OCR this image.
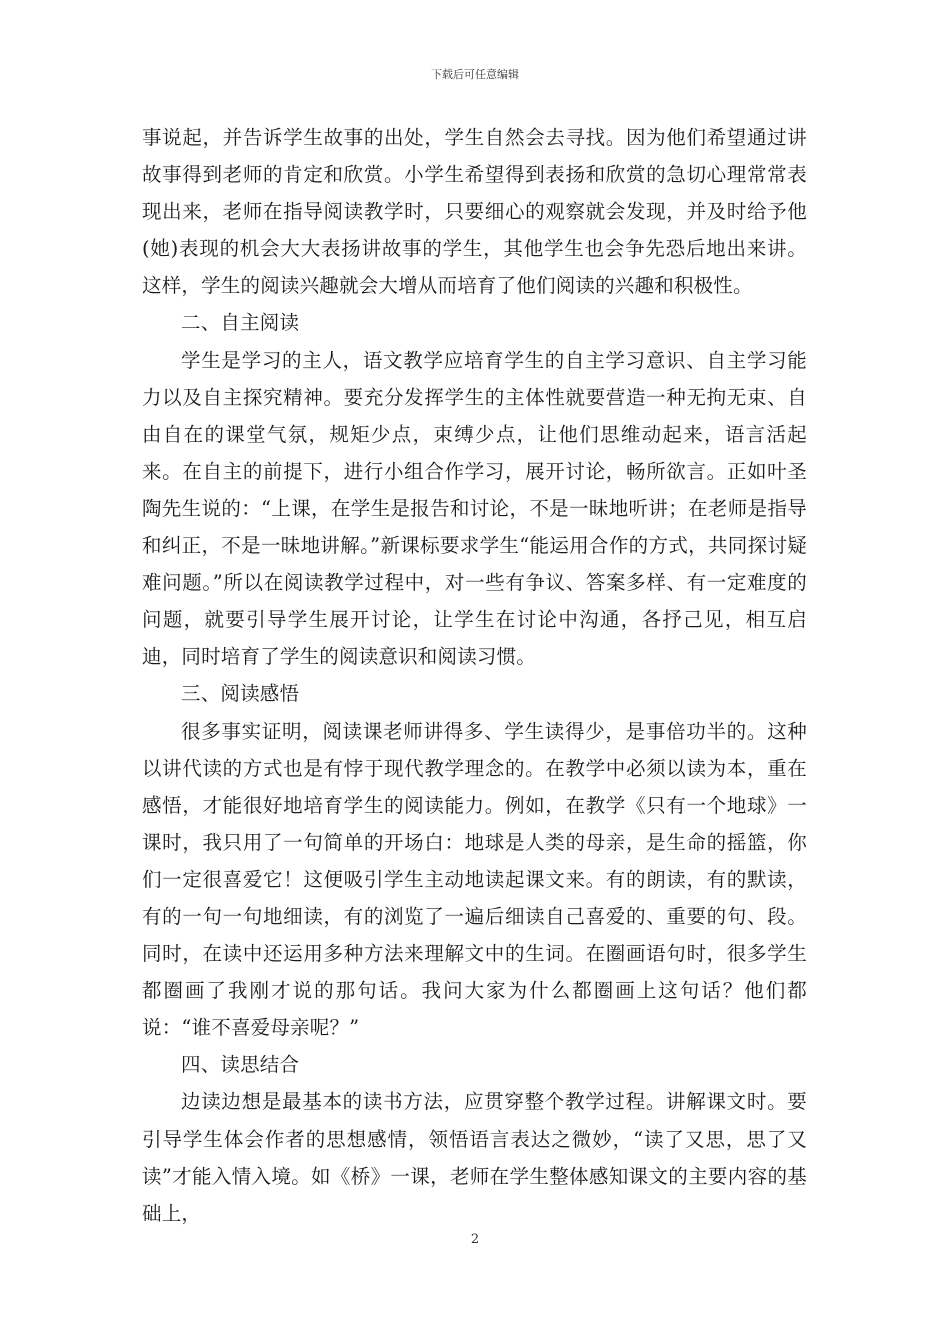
下载后可任意编辑

事说起，并告诉学生故事的出处，学生自然会去寻找。因为他们希望通过讲故事得到老师的肯定和欣赏。小学生希望得到表扬和欣赏的急切心理常常表现出来，老师在指导阅读教学时，只要细心的观察就会发现，并及时给予他(她)表现的机会大大表扬讲故事的学生，其他学生也会争先恐后地出来讲。这样，学生的阅读兴趣就会大增从而培育了他们阅读的兴趣和积极性。

二、自主阅读

学生是学习的主人，语文教学应培育学生的自主学习意识、自主学习能力以及自主探究精神。要充分发挥学生的主体性就要营造一种无拘无束、自由自在的课堂气氛，规矩少点，束缚少点，让他们思维动起来，语言活起来。在自主的前提下，进行小组合作学习，展开讨论，畅所欲言。正如叶圣陶先生说的：“上课，在学生是报告和讨论，不是一昧地听讲；在老师是指导和纠正，不是一昧地讲解。”新课标要求学生“能运用合作的方式，共同探讨疑难问题。”所以在阅读教学过程中，对一些有争议、答案多样、有一定难度的问题，就要引导学生展开讨论，让学生在讨论中沟通，各抒己见，相互启迪，同时培育了学生的阅读意识和阅读习惯。

三、阅读感悟

很多事实证明，阅读课老师讲得多、学生读得少，是事倍功半的。这种以讲代读的方式也是有悖于现代教学理念的。在教学中必须以读为本，重在感悟，才能很好地培育学生的阅读能力。例如，在教学《只有一个地球》一课时，我只用了一句简单的开场白：地球是人类的母亲，是生命的摇篮，你们一定很喜爱它！这便吸引学生主动地读起课文来。有的朗读，有的默读，有的一句一句地细读，有的浏览了一遍后细读自己喜爱的、重要的句、段。同时，在读中还运用多种方法来理解文中的生词。在圈画语句时，很多学生都圈画了我刚才说的那句话。我问大家为什么都圈画上这句话？他们都说：“谁不喜爱母亲呢？”

四、读思结合

边读边想是最基本的读书方法，应贯穿整个教学过程。讲解课文时。要引导学生体会作者的思想感情，领悟语言表达之微妙，“读了又思，思了又读”才能入情入境。如《桥》一课，老师在学生整体感知课文的主要内容的基础上，

2
